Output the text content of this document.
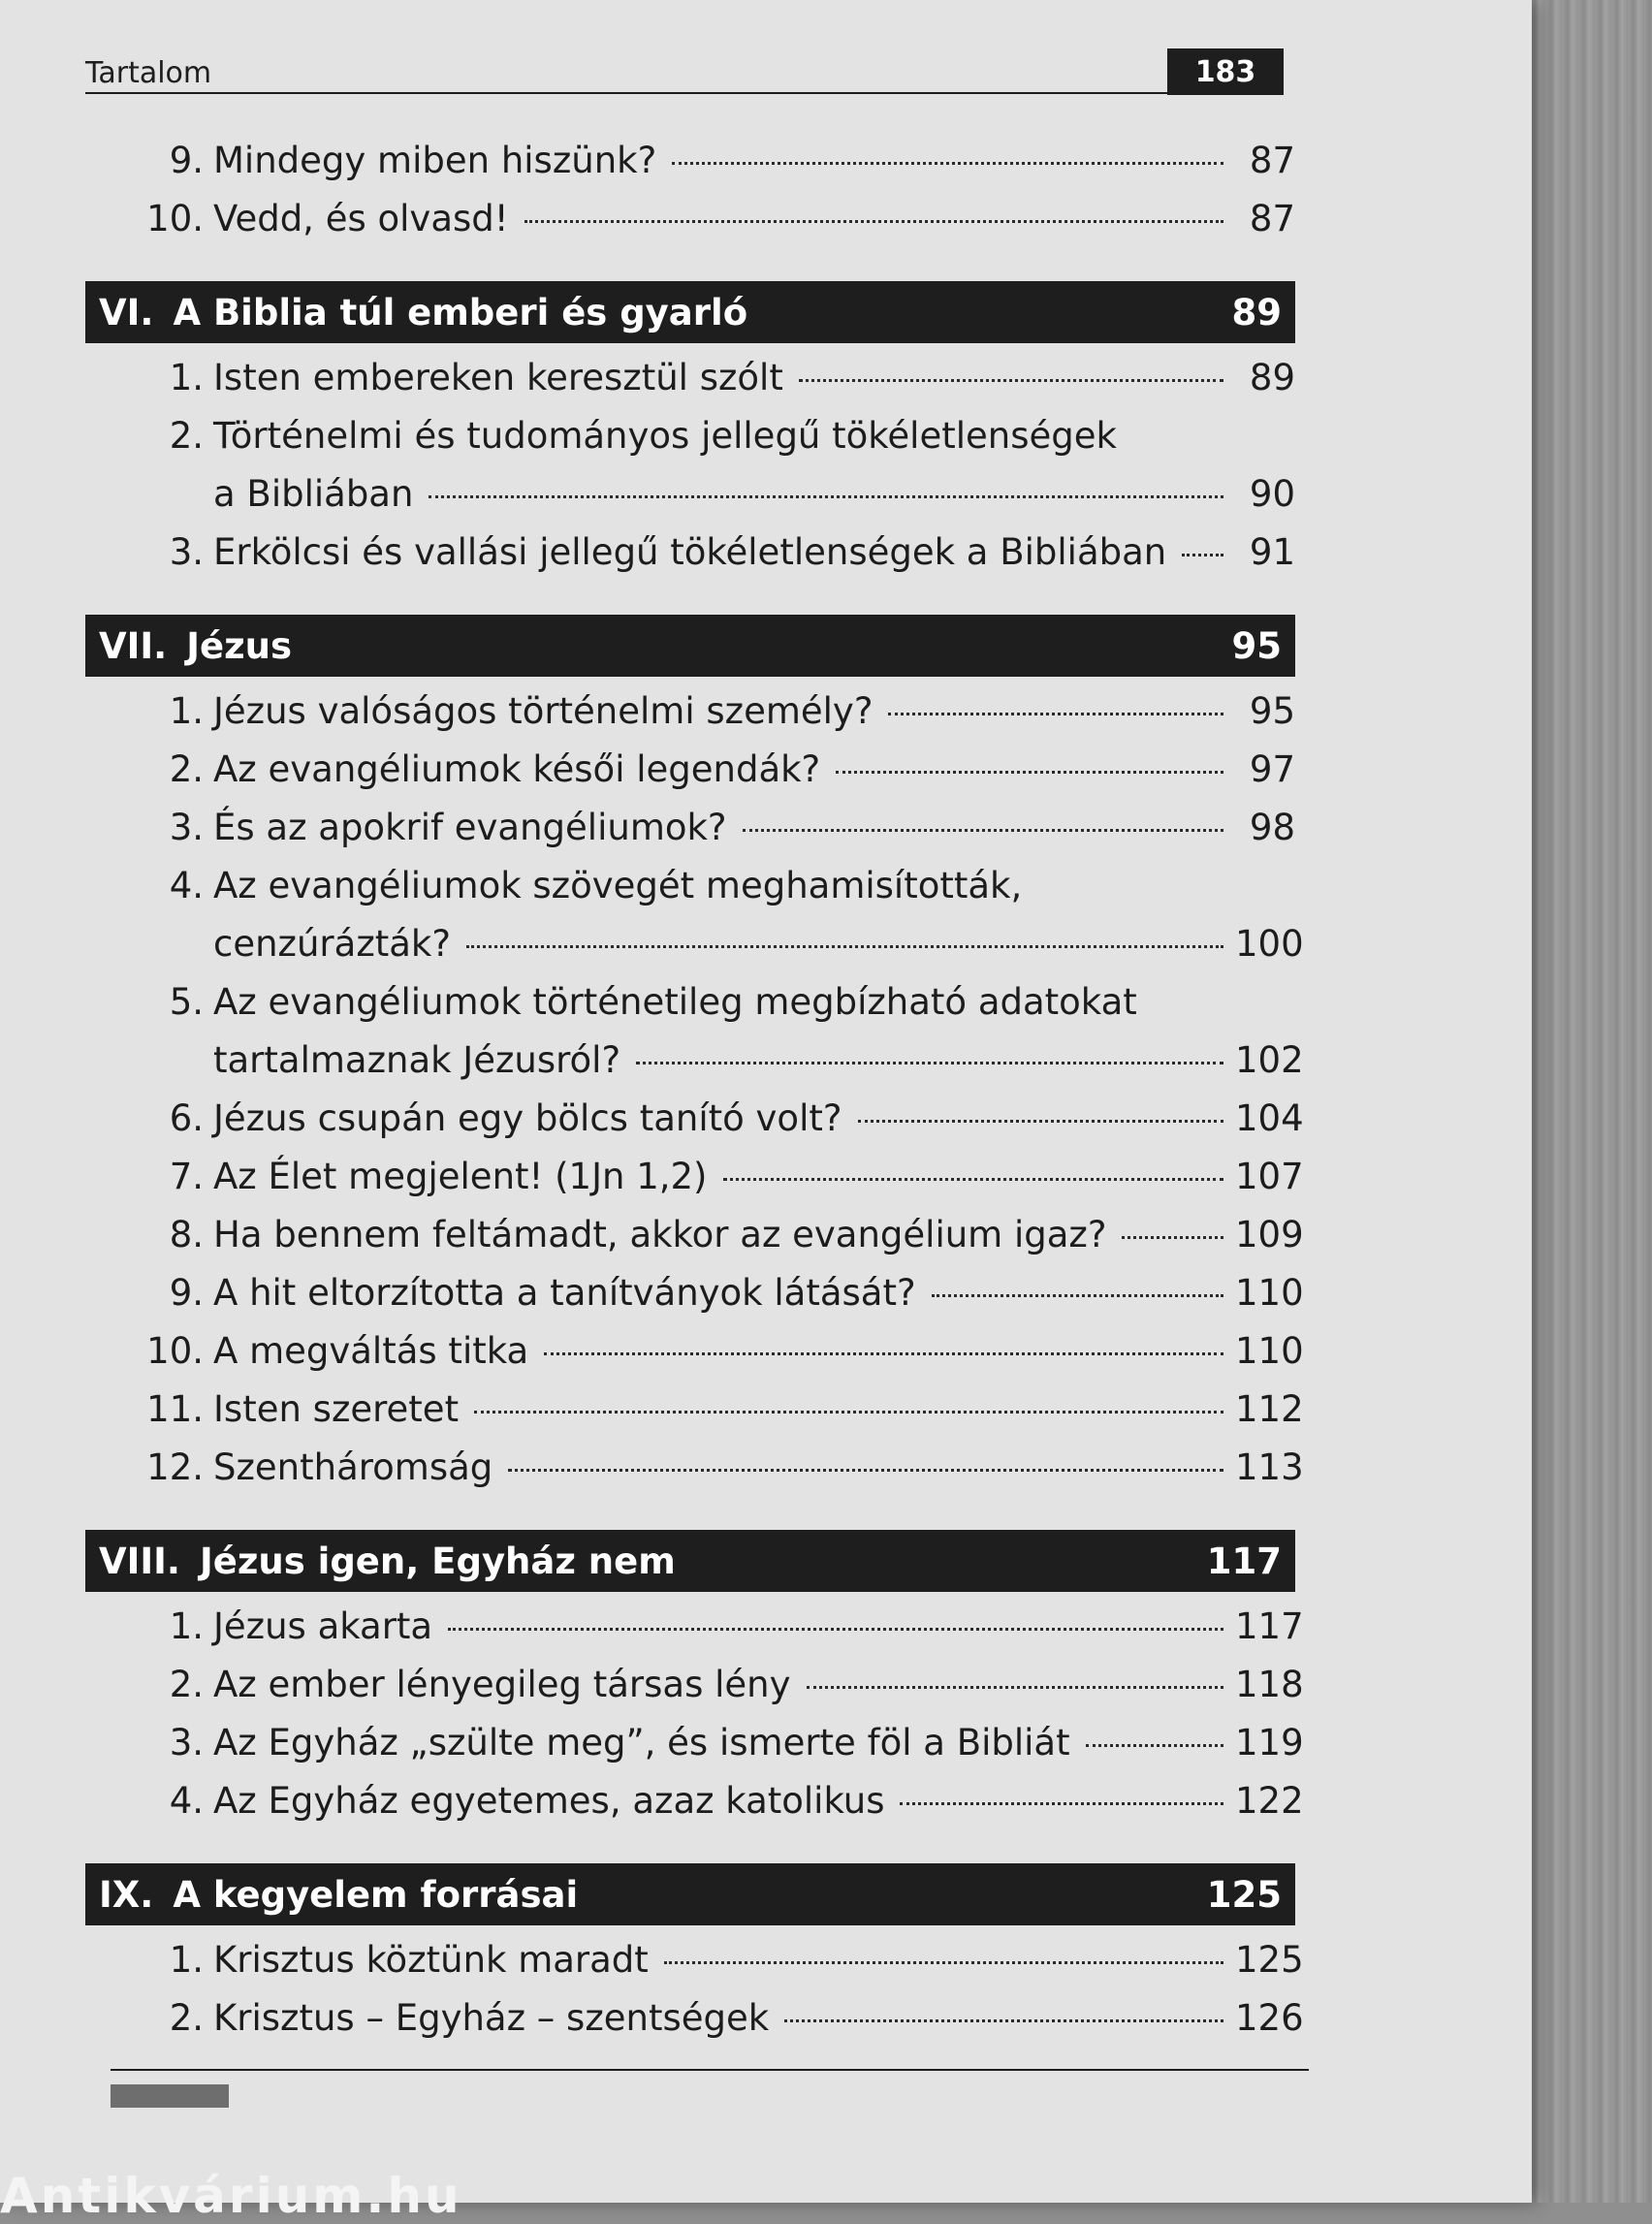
Tartalom	183
9. Mindegy miben hiszünk?	87
10. Vedd, és olvasd!	87
VI. A Biblia túl emberi és gyarló	89
1. Isten embereken keresztül szólt	89
2. Történelmi és tudományos jellegű tökéletlenségek
a Bibliában	90
3. Erkölcsi és vallási jellegű tökéletlenségek a Bibliában	91
VII. Jézus	95
1. Jézus valóságos történelmi személy?	95
2. Az evangéliumok késői legendák?	97
3. És az apokrif evangéliumok?	98
4. Az evangéliumok szövegét meghamisították,
cenzúrázták?	100
5. Az evangéliumok történetileg megbízható adatokat
tartalmaznak Jézusról?	102
6. Jézus csupán egy bölcs tanító volt?	104
7. Az Élet megjelent! (1Jn 1,2)	107
8. Ha bennem feltámadt, akkor az evangélium igaz?	109
9. A hit eltorzította a tanítványok látását?	110
10. A megváltás titka	110
11. Isten szeretet	112
12. Szentháromság	113
VIII. Jézus igen, Egyház nem	117
1. Jézus akarta	117
2. Az ember lényegileg társas lény	118
3. Az Egyház „szülte meg”, és ismerte föl a Bibliát	119
4. Az Egyház egyetemes, azaz katolikus	122
IX. A kegyelem forrásai	125
1. Krisztus köztünk maradt	125
2. Krisztus – Egyház – szentségek	126
Antikvárium.hu
